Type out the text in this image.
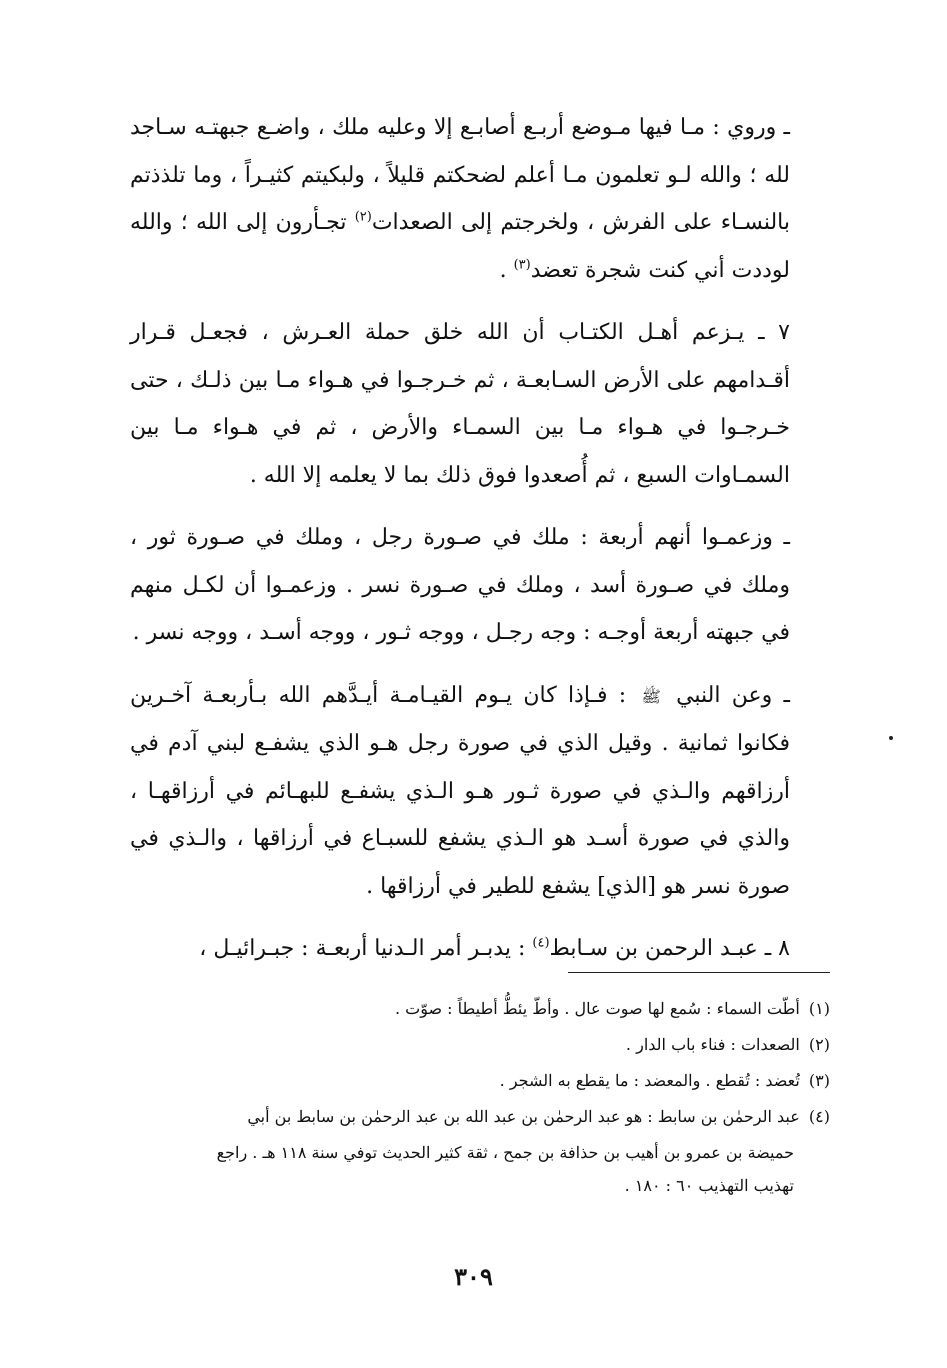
ـ وروي : مـا فيها مـوضع أربـع أصابـع إلا وعليه ملك ، واضـع جبهتـه سـاجد لله ؛ والله لـو تعلمون مـا أعلم لضحكتم قليلاً ، ولبكيتم كثيـراً ، وما تلذذتم بالنسـاء على الفرش ، ولخرجتم إلى الصعدات$^{(٢)}$ تجـأرون إلى الله ؛ والله لوددت أني كنت شجرة تعضد$^{(٣)}$ .

٧ ـ يـزعم أهـل الكتـاب أن الله خلق حملة العـرش ، فجعـل قـرار أقـدامهم على الأرض السـابعـة ، ثم خـرجـوا في هـواء مـا بين ذلـك ، حتى خـرجـوا في هـواء مـا بين السمـاء والأرض ، ثم في هـواء مـا بين السمـاوات السبع ، ثم أُصعدوا فوق ذلك بما لا يعلمه إلا الله .

ـ وزعمـوا أنهم أربعة : ملك في صـورة رجل ، وملك في صـورة ثور ، وملك في صـورة أسد ، وملك في صـورة نسر . وزعمـوا أن لكـل منهم في جبهته أربعة أوجـه : وجه رجـل ، ووجه ثـور ، ووجه أسـد ، ووجه نسر .

ـ وعن النبي ﷺ : فـإذا كان يـوم القيـامـة أيـدَّهم الله بـأربعـة آخـرين فكانوا ثمانية . وقيل الذي في صورة رجل هـو الذي يشفـع لبني آدم في أرزاقهم والـذي في صورة ثـور هـو الـذي يشفـع للبهـائم في أرزاقهـا ، والذي في صورة أسـد هو الـذي يشفع للسبـاع في أرزاقها ، والـذي في صورة نسر هو [الذي] يشفع للطير في أرزاقها .

٨ ـ عبـد الرحمن بن سـابط$^{(٤)}$ : يدبـر أمر الـدنيا أربعـة : جبـرائيـل ،

(١) أطّت السماء : سُمع لها صوت عال . وأطّ يئطُّ أطيطاً : صوّت .

(٢) الصعدات : فناء باب الدار .

(٣) تُعضد : تُقطع . والمعضد : ما يقطع به الشجر .

(٤) عبد الرحمٰن بن سابط : هو عبد الرحمٰن بن عبد الله بن عبد الرحمٰن بن سابط بن أبي

حميضة بن عمرو بن أهيب بن حذافة بن جمح ، ثقة كثير الحديث توفي سنة ١١٨ هـ . راجع

تهذيب التهذيب ٦٠ : ١٨٠ .

٣٠٩
